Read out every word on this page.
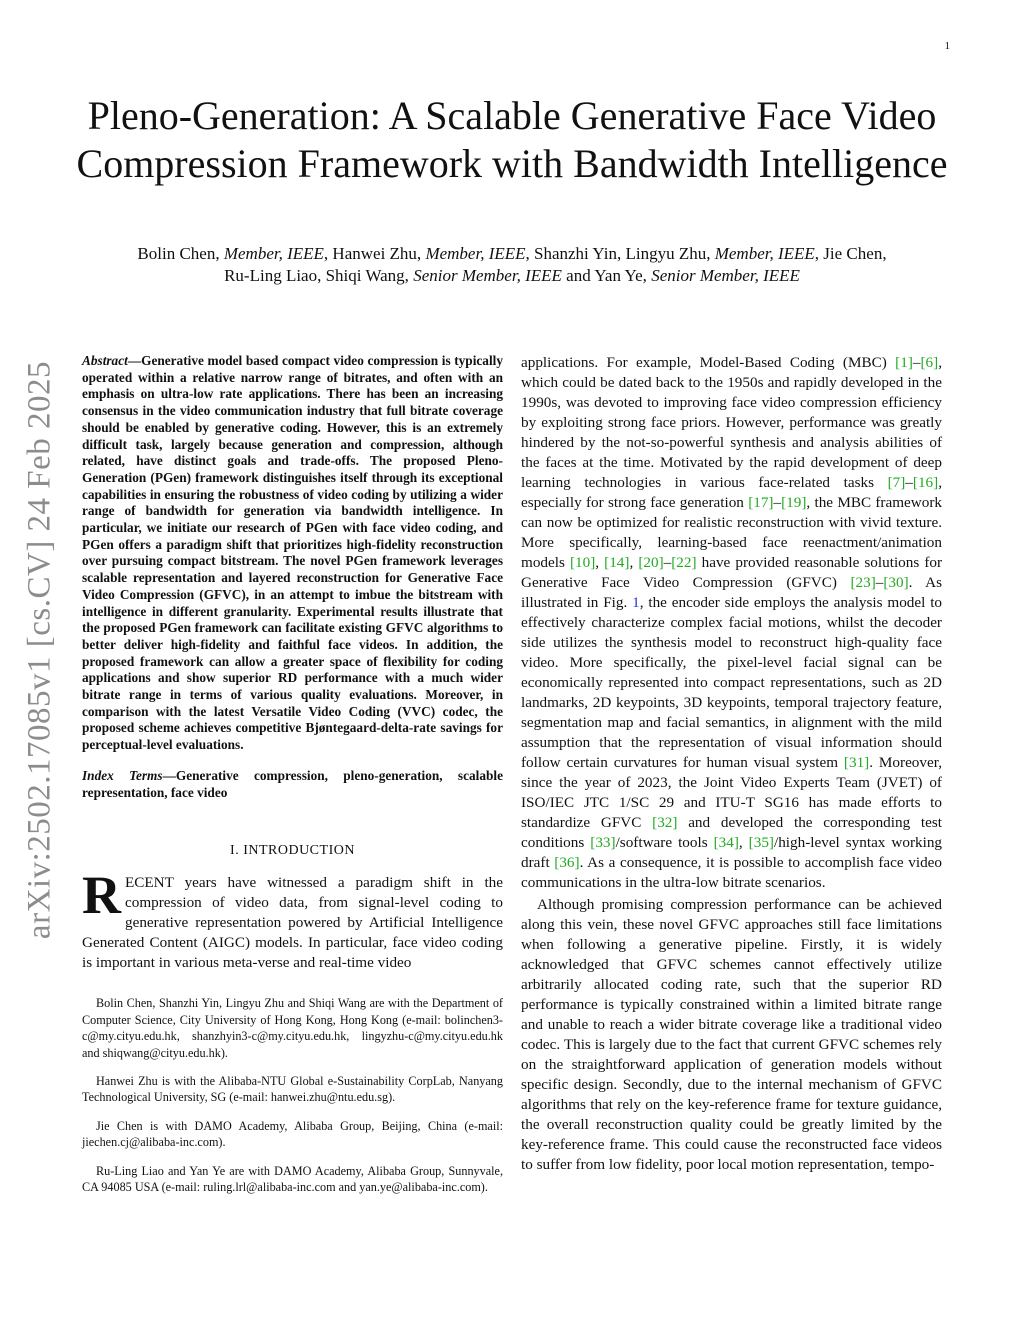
1
Pleno-Generation: A Scalable Generative Face Video Compression Framework with Bandwidth Intelligence
Bolin Chen, Member, IEEE, Hanwei Zhu, Member, IEEE, Shanzhi Yin, Lingyu Zhu, Member, IEEE, Jie Chen,
Ru-Ling Liao, Shiqi Wang, Senior Member, IEEE and Yan Ye, Senior Member, IEEE
arXiv:2502.17085v1 [cs.CV] 24 Feb 2025

Abstract—Generative model based compact video compression is typically operated within a relative narrow range of bitrates, and often with an emphasis on ultra-low rate applications. There has been an increasing consensus in the video communication industry that full bitrate coverage should be enabled by generative coding. However, this is an extremely difficult task, largely because generation and compression, although related, have distinct goals and trade-offs. The proposed Pleno-Generation (PGen) framework distinguishes itself through its exceptional capabilities in ensuring the robustness of video coding by utilizing a wider range of bandwidth for generation via bandwidth intelligence. In particular, we initiate our research of PGen with face video coding, and PGen offers a paradigm shift that prioritizes high-fidelity reconstruction over pursuing compact bitstream. The novel PGen framework leverages scalable representation and layered reconstruction for Generative Face Video Compression (GFVC), in an attempt to imbue the bitstream with intelligence in different granularity. Experimental results illustrate that the proposed PGen framework can facilitate existing GFVC algorithms to better deliver high-fidelity and faithful face videos. In addition, the proposed framework can allow a greater space of flexibility for coding applications and show superior RD performance with a much wider bitrate range in terms of various quality evaluations. Moreover, in comparison with the latest Versatile Video Coding (VVC) codec, the proposed scheme achieves competitive Bjøntegaard-delta-rate savings for perceptual-level evaluations.

Index Terms—Generative compression, pleno-generation, scalable representation, face video
I. INTRODUCTION

RECENT years have witnessed a paradigm shift in the compression of video data, from signal-level coding to generative representation powered by Artificial Intelligence Generated Content (AIGC) models. In particular, face video coding is important in various meta-verse and real-time video

Bolin Chen, Shanzhi Yin, Lingyu Zhu and Shiqi Wang are with the Department of Computer Science, City University of Hong Kong, Hong Kong (e-mail: bolinchen3-c@my.cityu.edu.hk, shanzhyin3-c@my.cityu.edu.hk, lingyzhu-c@my.cityu.edu.hk and shiqwang@cityu.edu.hk).

Hanwei Zhu is with the Alibaba-NTU Global e-Sustainability CorpLab, Nanyang Technological University, SG (e-mail: hanwei.zhu@ntu.edu.sg).

Jie Chen is with DAMO Academy, Alibaba Group, Beijing, China (e-mail: jiechen.cj@alibaba-inc.com).

Ru-Ling Liao and Yan Ye are with DAMO Academy, Alibaba Group, Sunnyvale, CA 94085 USA (e-mail: ruling.lrl@alibaba-inc.com and yan.ye@alibaba-inc.com).

applications. For example, Model-Based Coding (MBC) [1]–[6], which could be dated back to the 1950s and rapidly developed in the 1990s, was devoted to improving face video compression efficiency by exploiting strong face priors. However, performance was greatly hindered by the not-so-powerful synthesis and analysis abilities of the faces at the time. Motivated by the rapid development of deep learning technologies in various face-related tasks [7]–[16], especially for strong face generation [17]–[19], the MBC framework can now be optimized for realistic reconstruction with vivid texture. More specifically, learning-based face reenactment/animation models [10], [14], [20]–[22] have provided reasonable solutions for Generative Face Video Compression (GFVC) [23]–[30]. As illustrated in Fig. 1, the encoder side employs the analysis model to effectively characterize complex facial motions, whilst the decoder side utilizes the synthesis model to reconstruct high-quality face video. More specifically, the pixel-level facial signal can be economically represented into compact representations, such as 2D landmarks, 2D keypoints, 3D keypoints, temporal trajectory feature, segmentation map and facial semantics, in alignment with the mild assumption that the representation of visual information should follow certain curvatures for human visual system [31]. Moreover, since the year of 2023, the Joint Video Experts Team (JVET) of ISO/IEC JTC 1/SC 29 and ITU-T SG16 has made efforts to standardize GFVC [32] and developed the corresponding test conditions [33]/software tools [34], [35]/high-level syntax working draft [36]. As a consequence, it is possible to accomplish face video communications in the ultra-low bitrate scenarios.

Although promising compression performance can be achieved along this vein, these novel GFVC approaches still face limitations when following a generative pipeline. Firstly, it is widely acknowledged that GFVC schemes cannot effectively utilize arbitrarily allocated coding rate, such that the superior RD performance is typically constrained within a limited bitrate range and unable to reach a wider bitrate coverage like a traditional video codec. This is largely due to the fact that current GFVC schemes rely on the straightforward application of generation models without specific design. Secondly, due to the internal mechanism of GFVC algorithms that rely on the key-reference frame for texture guidance, the overall reconstruction quality could be greatly limited by the key-reference frame. This could cause the reconstructed face videos to suffer from low fidelity, poor local motion representation, tempo-
